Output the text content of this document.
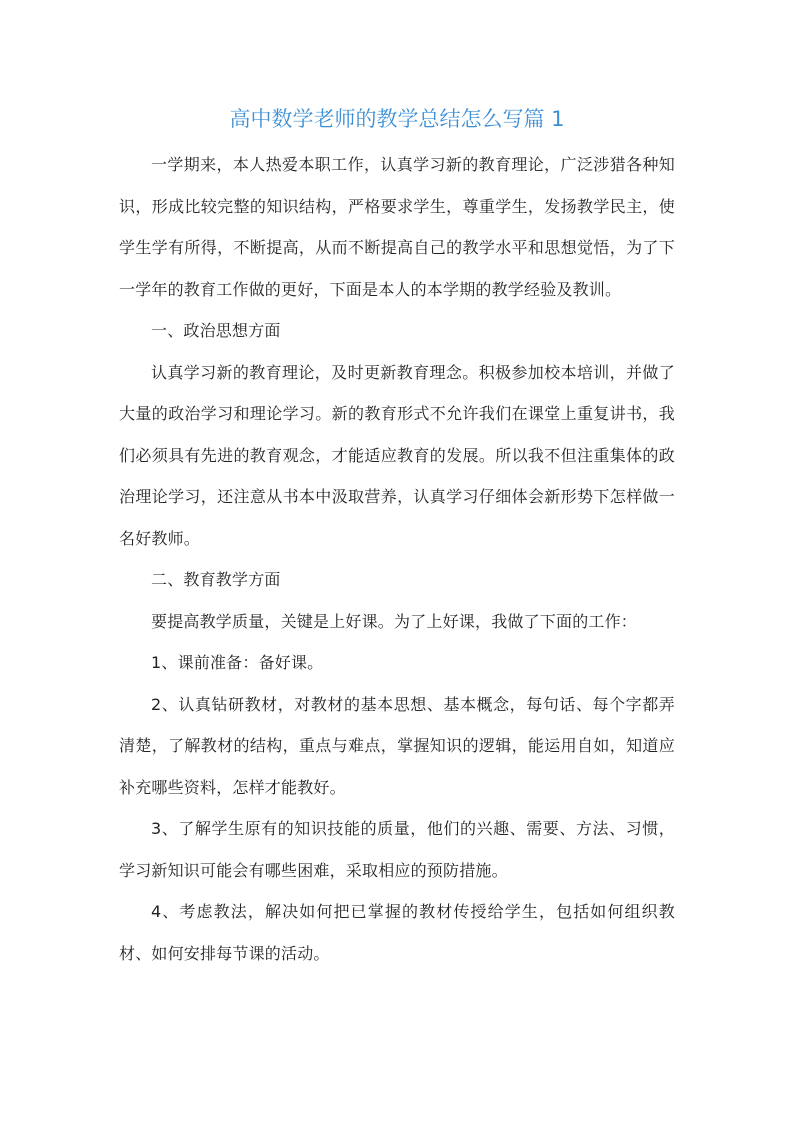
高中数学老师的教学总结怎么写篇 1

一学期来，本人热爱本职工作，认真学习新的教育理论，广泛涉猎各种知识，形成比较完整的知识结构，严格要求学生，尊重学生，发扬教学民主，使学生学有所得，不断提高，从而不断提高自己的教学水平和思想觉悟，为了下一学年的教育工作做的更好，下面是本人的本学期的教学经验及教训。

一、政治思想方面

认真学习新的教育理论，及时更新教育理念。积极参加校本培训，并做了大量的政治学习和理论学习。新的教育形式不允许我们在课堂上重复讲书，我们必须具有先进的教育观念，才能适应教育的发展。所以我不但注重集体的政治理论学习，还注意从书本中汲取营养，认真学习仔细体会新形势下怎样做一名好教师。

二、教育教学方面

要提高教学质量，关键是上好课。为了上好课，我做了下面的工作：

1、课前准备：备好课。

2、认真钻研教材，对教材的基本思想、基本概念，每句话、每个字都弄清楚，了解教材的结构，重点与难点，掌握知识的逻辑，能运用自如，知道应补充哪些资料，怎样才能教好。

3、了解学生原有的知识技能的质量，他们的兴趣、需要、方法、习惯，学习新知识可能会有哪些困难，采取相应的预防措施。

4、考虑教法，解决如何把已掌握的教材传授给学生，包括如何组织教材、如何安排每节课的活动。
